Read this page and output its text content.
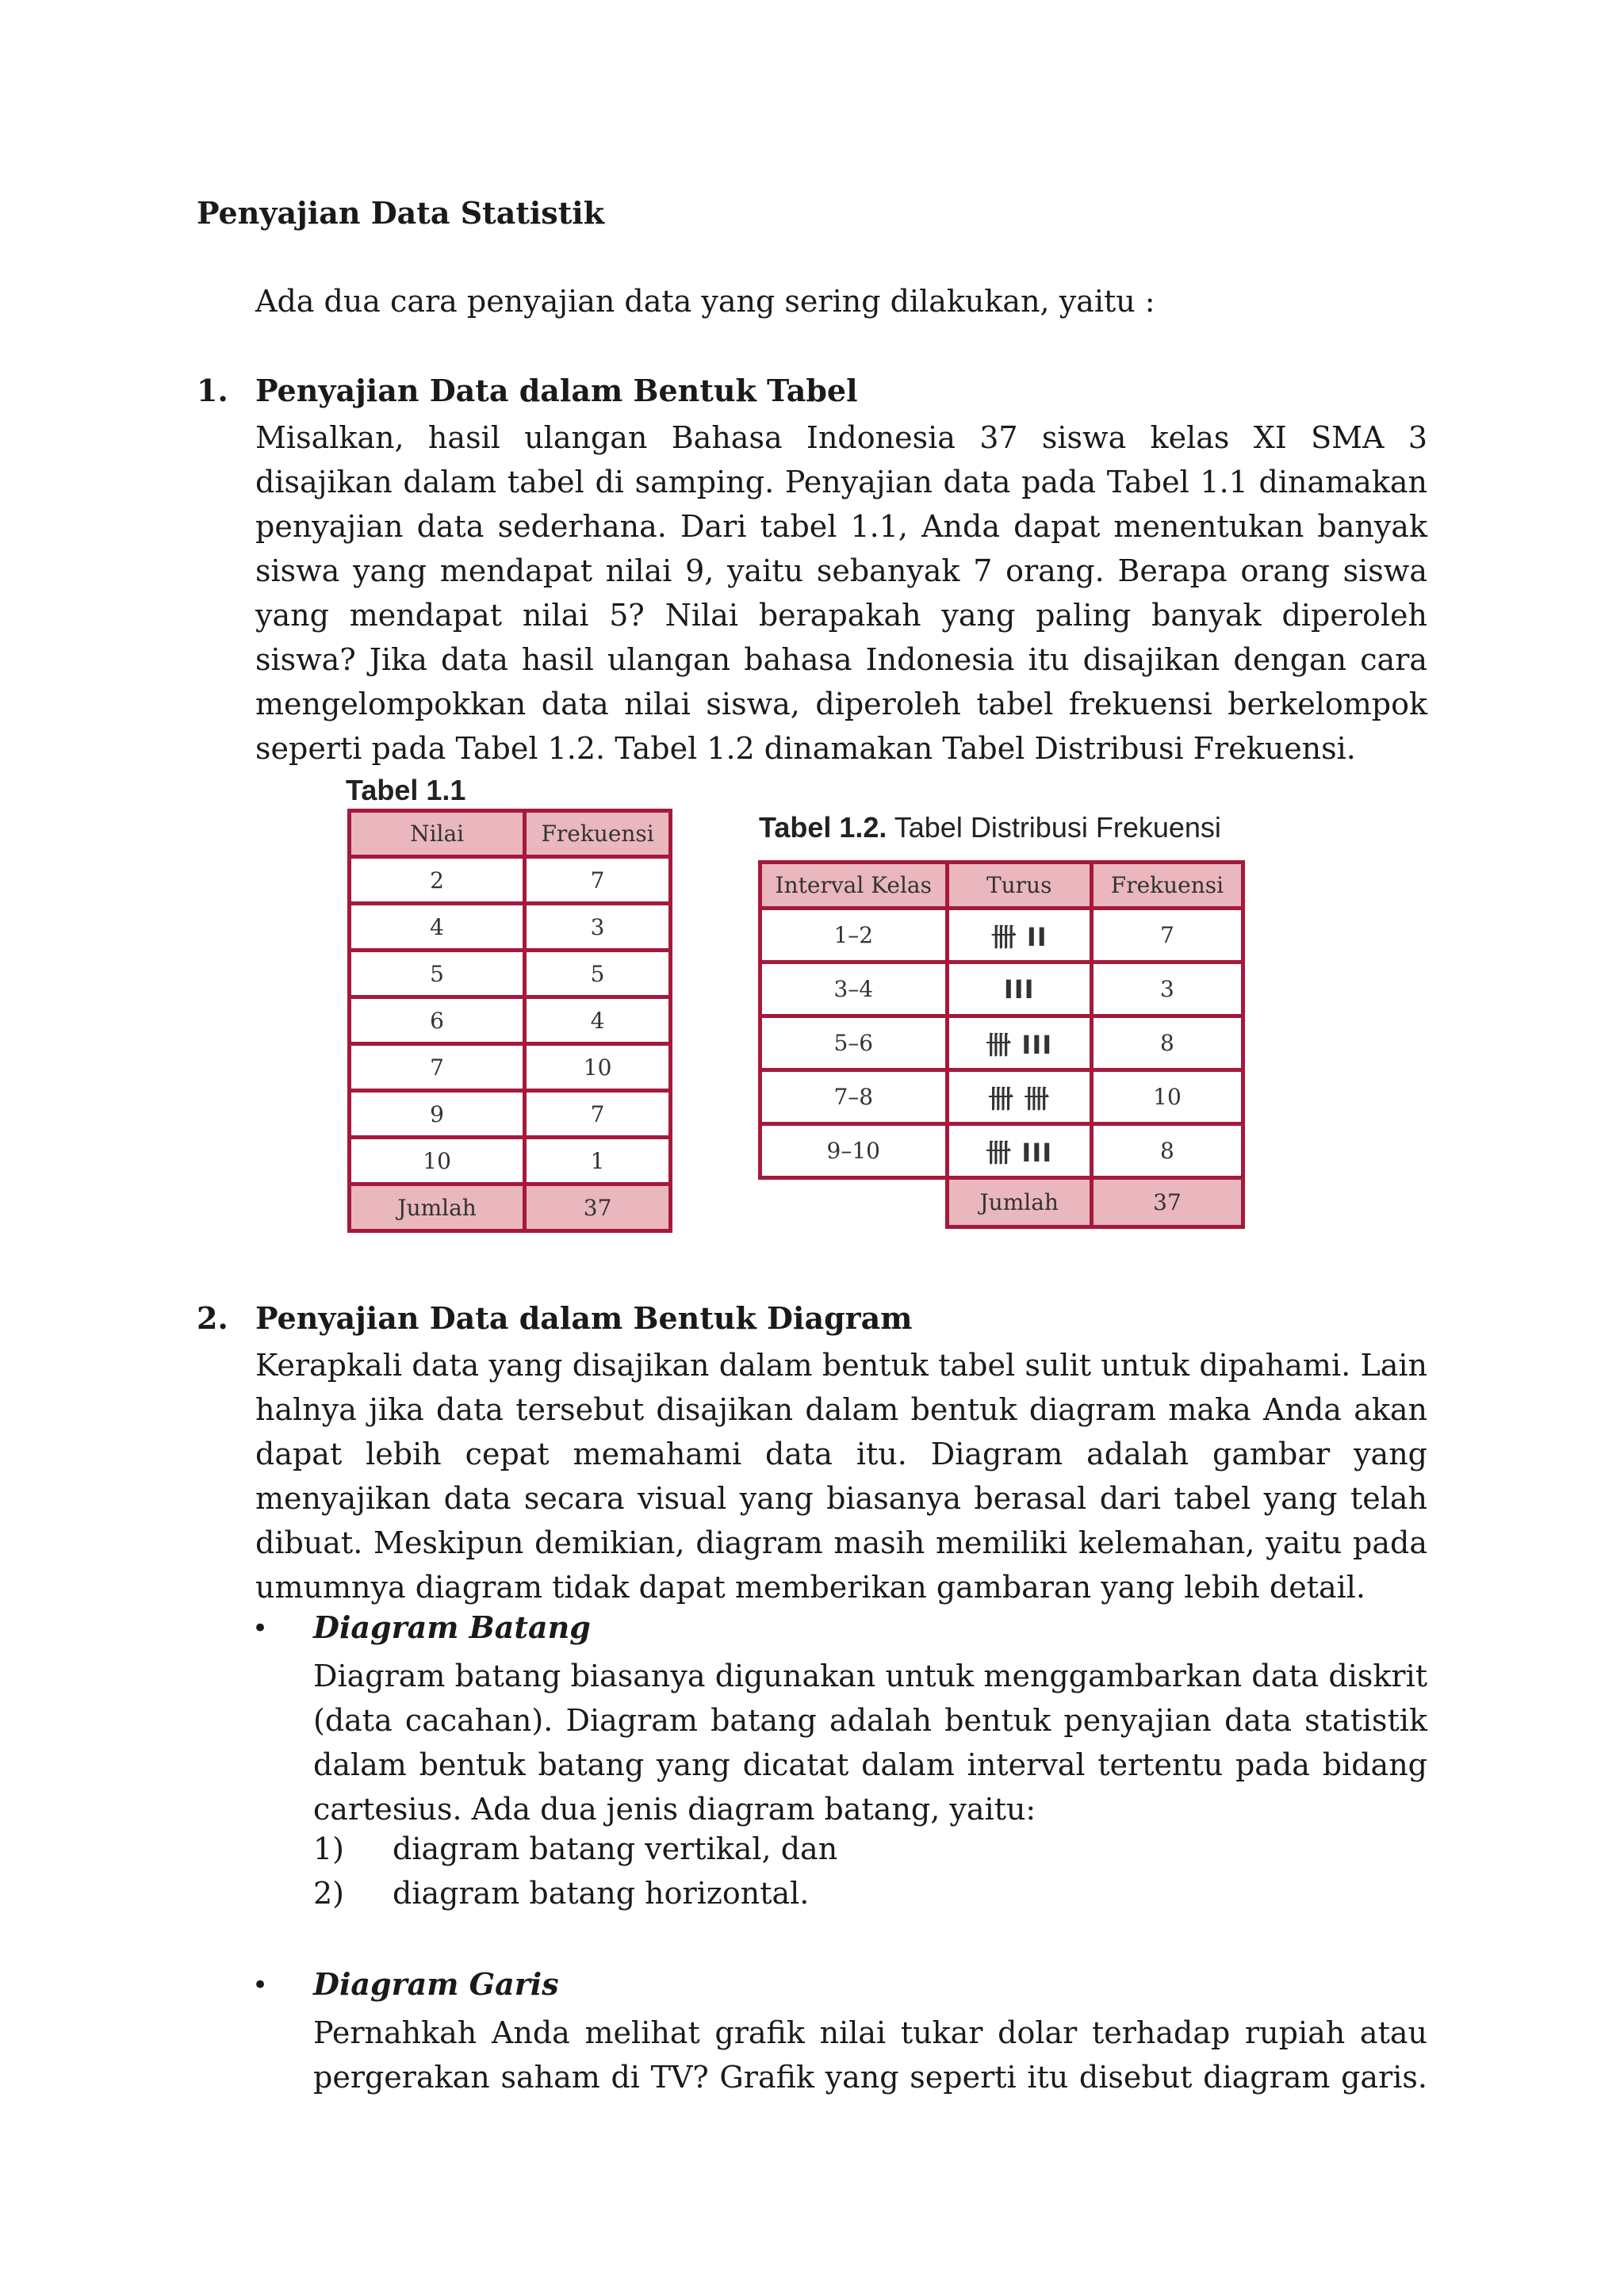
Penyajian Data Statistik
Ada dua cara penyajian data yang sering dilakukan, yaitu :
1. Penyajian Data dalam Bentuk Tabel

Misalkan, hasil ulangan Bahasa Indonesia 37 siswa kelas XI SMA 3 disajikan dalam tabel di samping. Penyajian data pada Tabel 1.1 dinamakan penyajian data sederhana. Dari tabel 1.1, Anda dapat menentukan banyak siswa yang mendapat nilai 9, yaitu sebanyak 7 orang. Berapa orang siswa yang mendapat nilai 5? Nilai berapakah yang paling banyak diperoleh siswa? Jika data hasil ulangan bahasa Indonesia itu disajikan dengan cara mengelompokkan data nilai siswa, diperoleh tabel frekuensi berkelompok seperti pada Tabel 1.2. Tabel 1.2 dinamakan Tabel Distribusi Frekuensi.

Tabel 1.1
Nilai	Frekuensi
2	7
4	3
5	5
6	4
7	10
9	7
10	1
Jumlah	37
Tabel 1.2. Tabel Distribusi Frekuensi
Interval Kelas	Turus	Frekuensi
1–2	卌 II	7
3–4	III	3
5–6	卌 III	8
7–8	卌 卌	10
9–10	卌 III	8
	Jumlah	37
2. Penyajian Data dalam Bentuk Diagram

Kerapkali data yang disajikan dalam bentuk tabel sulit untuk dipahami. Lain halnya jika data tersebut disajikan dalam bentuk diagram maka Anda akan dapat lebih cepat memahami data itu. Diagram adalah gambar yang menyajikan data secara visual yang biasanya berasal dari tabel yang telah dibuat. Meskipun demikian, diagram masih memiliki kelemahan, yaitu pada umumnya diagram tidak dapat memberikan gambaran yang lebih detail.

• Diagram Batang

Diagram batang biasanya digunakan untuk menggambarkan data diskrit (data cacahan). Diagram batang adalah bentuk penyajian data statistik dalam bentuk batang yang dicatat dalam interval tertentu pada bidang cartesius. Ada dua jenis diagram batang, yaitu:

1) diagram batang vertikal, dan
2) diagram batang horizontal.
• Diagram Garis

Pernahkah Anda melihat grafik nilai tukar dolar terhadap rupiah atau pergerakan saham di TV? Grafik yang seperti itu disebut diagram garis.
